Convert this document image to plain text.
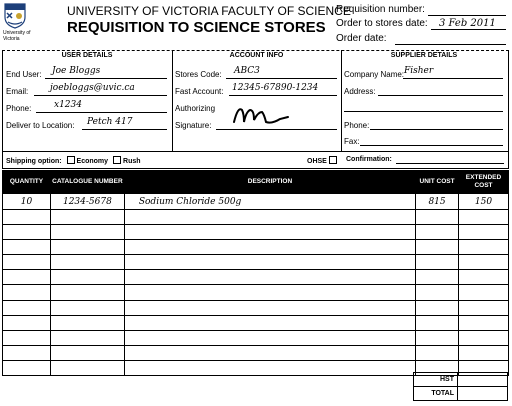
University of Victoria
UNIVERSITY OF VICTORIA FACULTY OF SCIENCE
REQUISITION TO SCIENCE STORES
Requisition number:
Order to stores date: 3 Feb 2011
Order date:
USER DETAILS	ACCOUNT INFO	SUPPLIER DETAILS
End User: Joe Bloggs
Email: joebloggs@uvic.ca
Phone:	x1234
Deliver to Location: Petch 417
Stores Code: ABC3
Fast Account: 12345-67890-1234
Authorizing
Signature:
Company Name: Fisher
Address:
Phone:
Fax:
Shipping option: Economy Rush	OHSE	Confirmation:
QUANTITY	CATALOGUE NUMBER	DESCRIPTION	UNIT COST	EXTENDED COST
10	1234-5678	Sodium Chloride 500g	815	150

HST	
TOTAL	
